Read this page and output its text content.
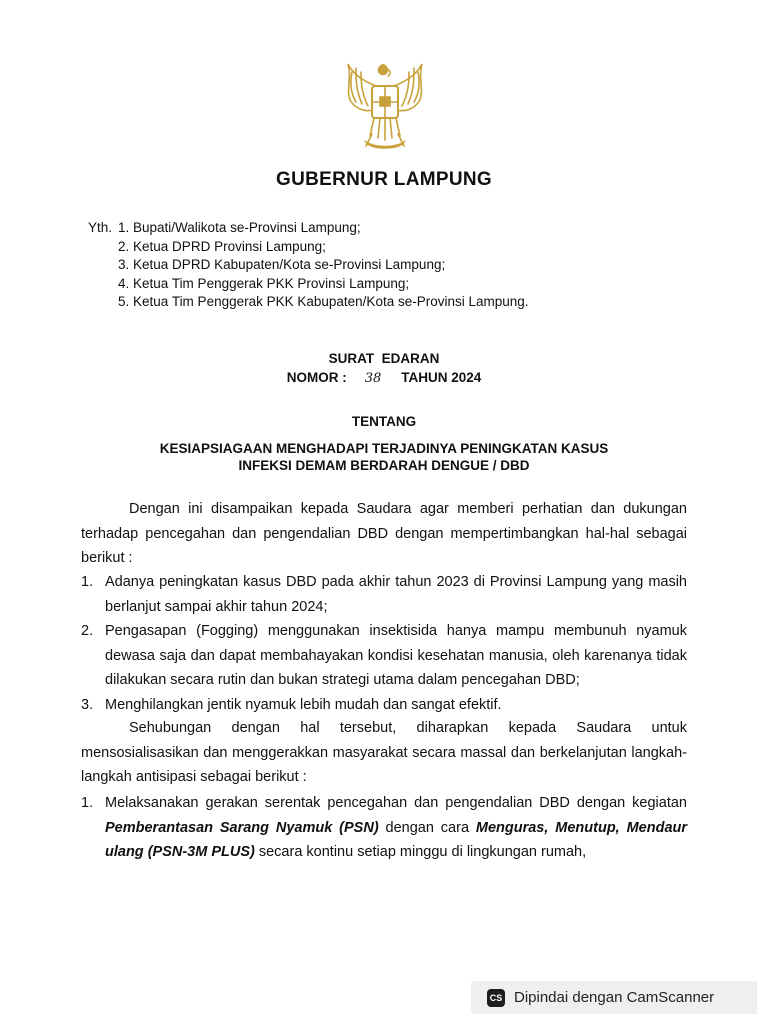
GUBERNUR LAMPUNG
Yth. 1. Bupati/Walikota se-Provinsi Lampung;
2. Ketua DPRD Provinsi Lampung;
3. Ketua DPRD Kabupaten/Kota se-Provinsi Lampung;
4. Ketua Tim Penggerak PKK Provinsi Lampung;
5. Ketua Tim Penggerak PKK Kabupaten/Kota se-Provinsi Lampung.
SURAT  EDARAN
NOMOR : 38 TAHUN 2024
TENTANG
KESIAPSIAGAAN MENGHADAPI TERJADINYA PENINGKATAN KASUS
INFEKSI DEMAM BERDARAH DENGUE / DBD

Dengan ini disampaikan kepada Saudara agar memberi perhatian dan dukungan terhadap pencegahan dan pengendalian DBD dengan mempertimbangkan hal-hal sebagai berikut :

1. Adanya peningkatan kasus DBD pada akhir tahun 2023 di Provinsi Lampung yang masih berlanjut sampai akhir tahun 2024;
2. Pengasapan (Fogging) menggunakan insektisida hanya mampu membunuh nyamuk dewasa saja dan dapat membahayakan kondisi kesehatan manusia, oleh karenanya tidak dilakukan secara rutin dan bukan strategi utama dalam pencegahan DBD;
3. Menghilangkan jentik nyamuk lebih mudah dan sangat efektif.

Sehubungan dengan hal tersebut, diharapkan kepada Saudara untuk mensosialisasikan dan menggerakkan masyarakat secara massal dan berkelanjutan langkah-langkah antisipasi sebagai berikut :

1. Melaksanakan gerakan serentak pencegahan dan pengendalian DBD dengan kegiatan Pemberantasan Sarang Nyamuk (PSN) dengan cara Menguras, Menutup, Mendaur ulang (PSN-3M PLUS) secara kontinu setiap minggu di lingkungan rumah,
CS Dipindai dengan CamScanner
